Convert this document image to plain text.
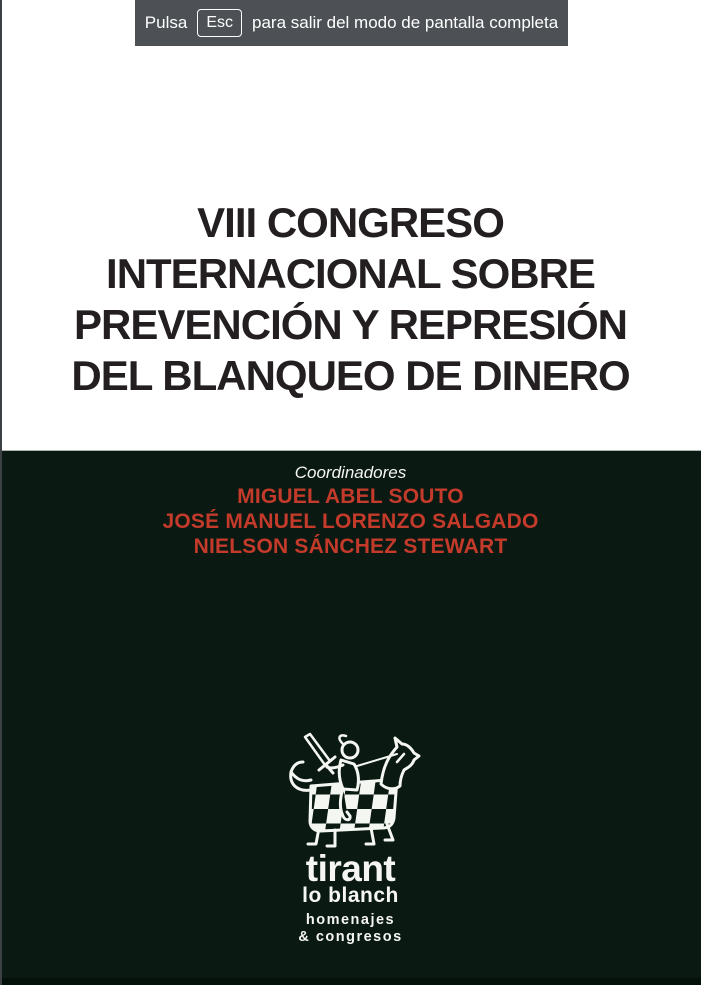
Pulsa	Esc	para salir del modo de pantalla completa
VIII CONGRESO
INTERNACIONAL SOBRE
PREVENCIÓN Y REPRESIÓN
DEL BLANQUEO DE DINERO
Coordinadores
MIGUEL ABEL SOUTO
JOSÉ MANUEL LORENZO SALGADO
NIELSON SÁNCHEZ STEWART
tirant
lo blanch
homenajes
& congresos
